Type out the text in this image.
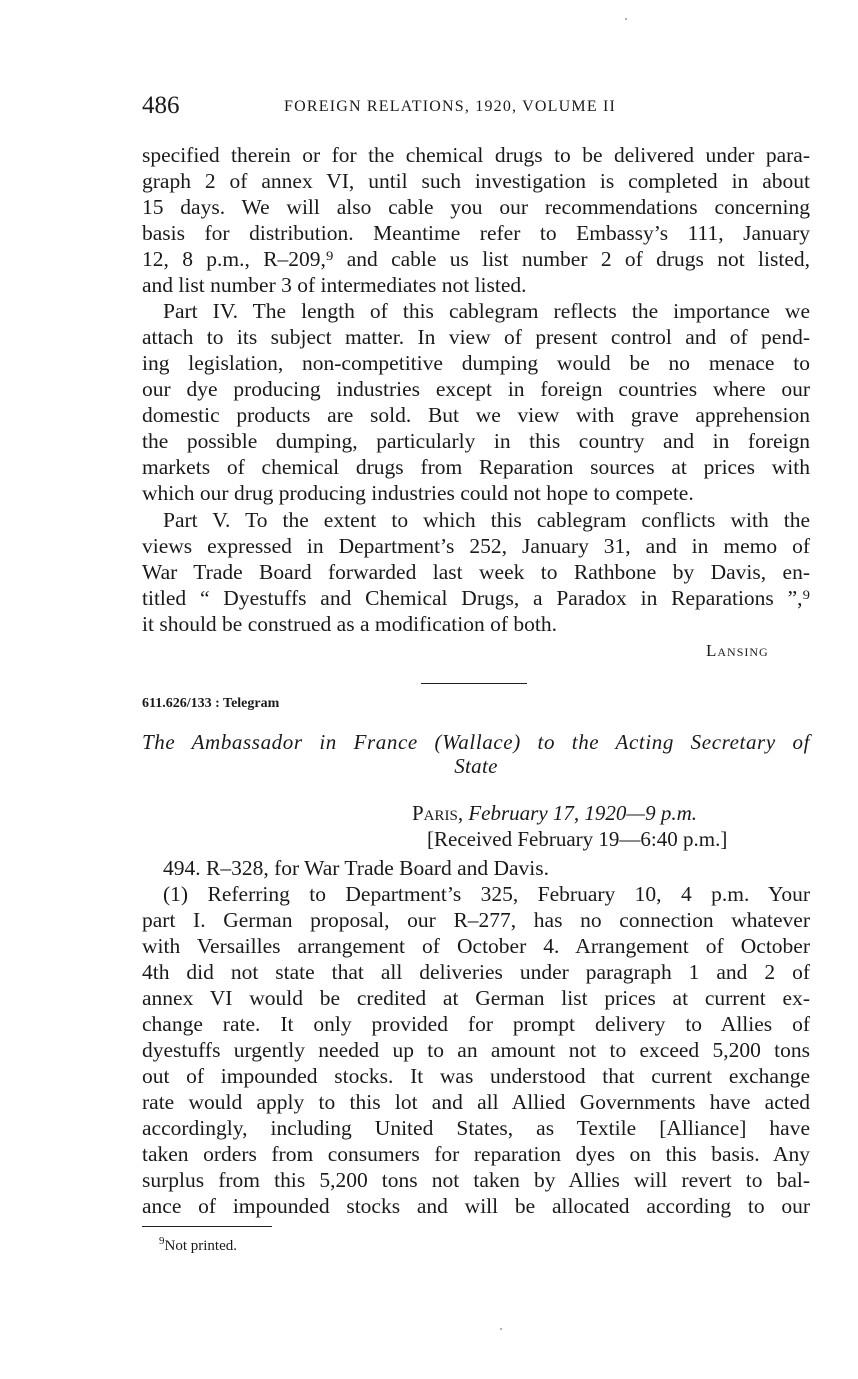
486	FOREIGN RELATIONS, 1920, VOLUME II
specified therein or for the chemical drugs to be delivered under para-
graph 2 of annex VI, until such investigation is completed in about
15 days. We will also cable you our recommendations concerning
basis for distribution. Meantime refer to Embassy’s 111, January
12, 8 p.m., R–209,⁹ and cable us list number 2 of drugs not listed,
and list number 3 of intermediates not listed.
Part IV. The length of this cablegram reflects the importance we
attach to its subject matter. In view of present control and of pend-
ing legislation, non-competitive dumping would be no menace to
our dye producing industries except in foreign countries where our
domestic products are sold. But we view with grave apprehension
the possible dumping, particularly in this country and in foreign
markets of chemical drugs from Reparation sources at prices with
which our drug producing industries could not hope to compete.
Part V. To the extent to which this cablegram conflicts with the
views expressed in Department’s 252, January 31, and in memo of
War Trade Board forwarded last week to Rathbone by Davis, en-
titled “ Dyestuffs and Chemical Drugs, a Paradox in Reparations ”,⁹
it should be construed as a modification of both.
Lansing
611.626/133 : Telegram
The Ambassador in France (Wallace) to the Acting Secretary of
State
Paris, February 17, 1920—9 p.m.
[Received February 19—6:40 p.m.]
494. R–328, for War Trade Board and Davis.
(1) Referring to Department’s 325, February 10, 4 p.m. Your
part I. German proposal, our R–277, has no connection whatever
with Versailles arrangement of October 4. Arrangement of October
4th did not state that all deliveries under paragraph 1 and 2 of
annex VI would be credited at German list prices at current ex-
change rate. It only provided for prompt delivery to Allies of
dyestuffs urgently needed up to an amount not to exceed 5,200 tons
out of impounded stocks. It was understood that current exchange
rate would apply to this lot and all Allied Governments have acted
accordingly, including United States, as Textile [Alliance] have
taken orders from consumers for reparation dyes on this basis. Any
surplus from this 5,200 tons not taken by Allies will revert to bal-
ance of impounded stocks and will be allocated according to our
$^9$Not printed.
